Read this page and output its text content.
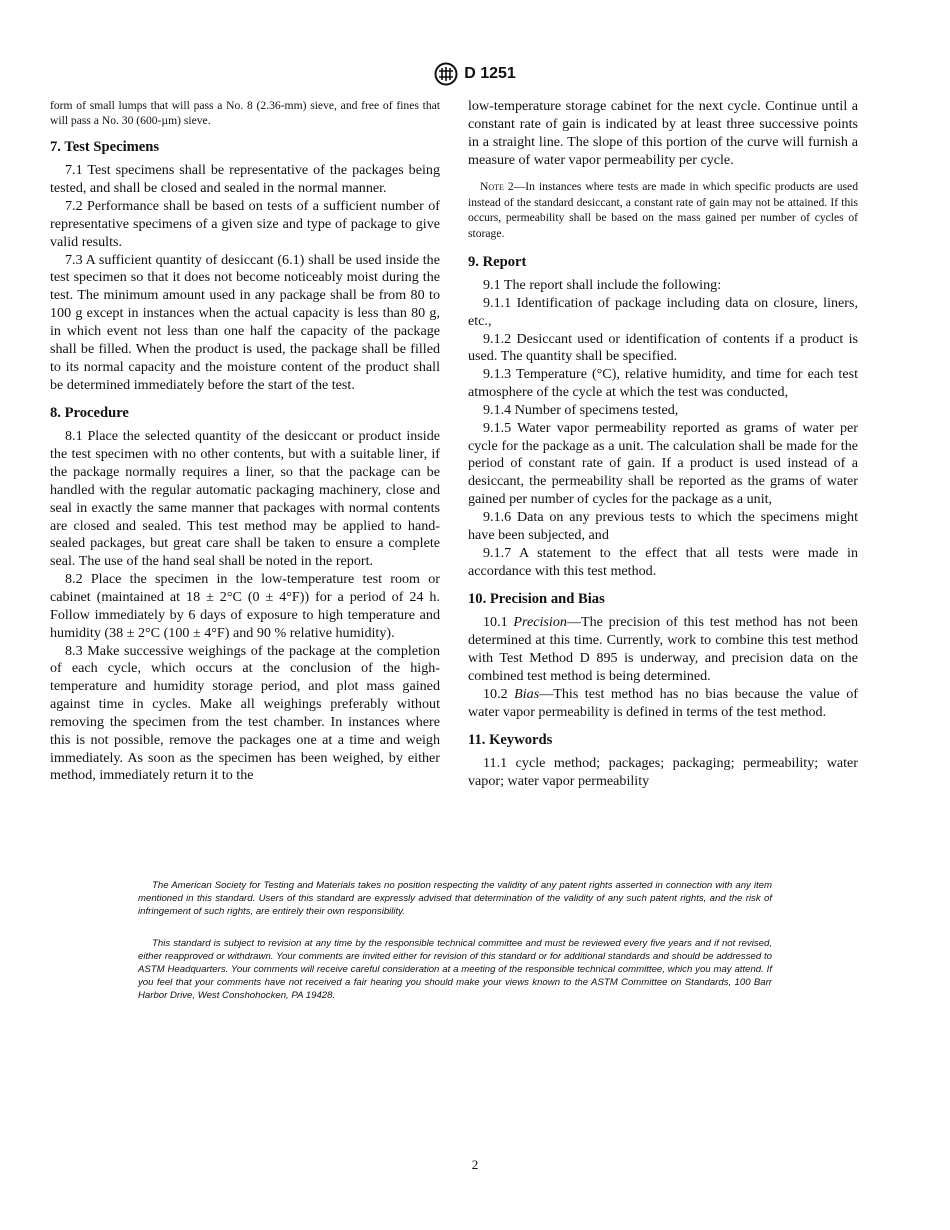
D 1251

form of small lumps that will pass a No. 8 (2.36-mm) sieve, and free of fines that will pass a No. 30 (600-µm) sieve.

7. Test Specimens

7.1 Test specimens shall be representative of the packages being tested, and shall be closed and sealed in the normal manner.

7.2 Performance shall be based on tests of a sufficient number of representative specimens of a given size and type of package to give valid results.

7.3 A sufficient quantity of desiccant (6.1) shall be used inside the test specimen so that it does not become noticeably moist during the test. The minimum amount used in any package shall be from 80 to 100 g except in instances when the actual capacity is less than 80 g, in which event not less than one half the capacity of the package shall be filled. When the product is used, the package shall be filled to its normal capacity and the moisture content of the product shall be determined immediately before the start of the test.

8. Procedure

8.1 Place the selected quantity of the desiccant or product inside the test specimen with no other contents, but with a suitable liner, if the package normally requires a liner, so that the package can be handled with the regular automatic packaging machinery, close and seal in exactly the same manner that packages with normal contents are closed and sealed. This test method may be applied to hand-sealed packages, but great care shall be taken to ensure a complete seal. The use of the hand seal shall be noted in the report.

8.2 Place the specimen in the low-temperature test room or cabinet (maintained at 18 ± 2°C (0 ± 4°F)) for a period of 24 h. Follow immediately by 6 days of exposure to high temperature and humidity (38 ± 2°C (100 ± 4°F) and 90 % relative humidity).

8.3 Make successive weighings of the package at the completion of each cycle, which occurs at the conclusion of the high-temperature and humidity storage period, and plot mass gained against time in cycles. Make all weighings preferably without removing the specimen from the test chamber. In instances where this is not possible, remove the packages one at a time and weigh immediately. As soon as the specimen has been weighed, by either method, immediately return it to the

low-temperature storage cabinet for the next cycle. Continue until a constant rate of gain is indicated by at least three successive points in a straight line. The slope of this portion of the curve will furnish a measure of water vapor permeability per cycle.

Note 2—In instances where tests are made in which specific products are used instead of the standard desiccant, a constant rate of gain may not be attained. If this occurs, permeability shall be based on the mass gained per number of cycles of storage.

9. Report

9.1 The report shall include the following:

9.1.1 Identification of package including data on closure, liners, etc.,

9.1.2 Desiccant used or identification of contents if a product is used. The quantity shall be specified.

9.1.3 Temperature (°C), relative humidity, and time for each test atmosphere of the cycle at which the test was conducted,

9.1.4 Number of specimens tested,

9.1.5 Water vapor permeability reported as grams of water per cycle for the package as a unit. The calculation shall be made for the period of constant rate of gain. If a product is used instead of a desiccant, the permeability shall be reported as the grams of water gained per number of cycles for the package as a unit,

9.1.6 Data on any previous tests to which the specimens might have been subjected, and

9.1.7 A statement to the effect that all tests were made in accordance with this test method.

10. Precision and Bias

10.1 Precision—The precision of this test method has not been determined at this time. Currently, work to combine this test method with Test Method D 895 is underway, and precision data on the combined test method is being determined.

10.2 Bias—This test method has no bias because the value of water vapor permeability is defined in terms of the test method.

11. Keywords

11.1 cycle method; packages; packaging; permeability; water vapor; water vapor permeability

The American Society for Testing and Materials takes no position respecting the validity of any patent rights asserted in connection with any item mentioned in this standard. Users of this standard are expressly advised that determination of the validity of any such patent rights, and the risk of infringement of such rights, are entirely their own responsibility.

This standard is subject to revision at any time by the responsible technical committee and must be reviewed every five years and if not revised, either reapproved or withdrawn. Your comments are invited either for revision of this standard or for additional standards and should be addressed to ASTM Headquarters. Your comments will receive careful consideration at a meeting of the responsible technical committee, which you may attend. If you feel that your comments have not received a fair hearing you should make your views known to the ASTM Committee on Standards, 100 Barr Harbor Drive, West Conshohocken, PA 19428.

2
